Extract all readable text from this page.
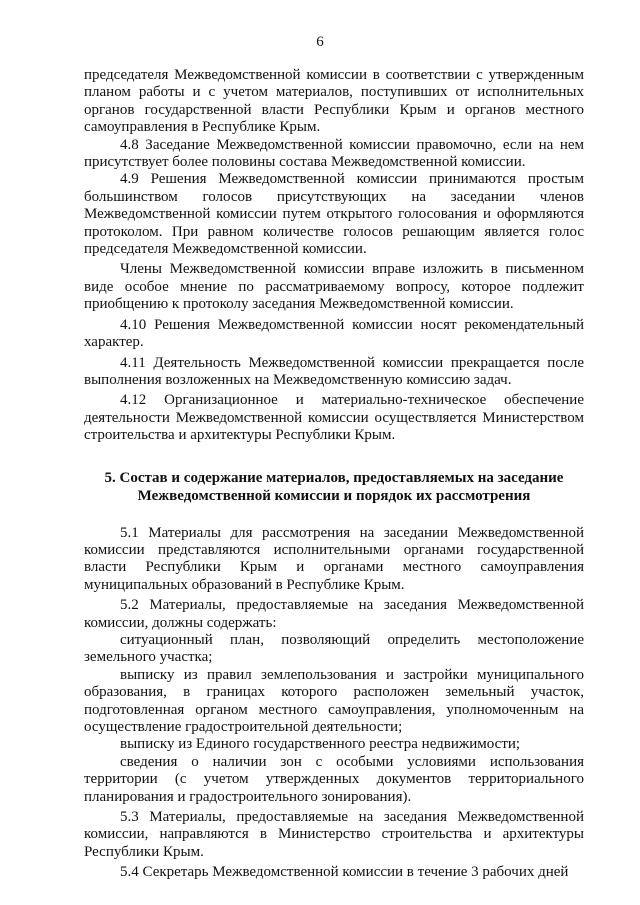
6

председателя Межведомственной комиссии в соответствии с утвержденным планом работы и с учетом материалов, поступивших от исполнительных органов государственной власти Республики Крым и органов местного самоуправления в Республике Крым.

4.8 Заседание Межведомственной комиссии правомочно, если на нем присутствует более половины состава Межведомственной комиссии.

4.9 Решения Межведомственной комиссии принимаются простым большинством голосов присутствующих на заседании членов Межведомственной комиссии путем открытого голосования и оформляются протоколом. При равном количестве голосов решающим является голос председателя Межведомственной комиссии.

Члены Межведомственной комиссии вправе изложить в письменном виде особое мнение по рассматриваемому вопросу, которое подлежит приобщению к протоколу заседания Межведомственной комиссии.

4.10 Решения Межведомственной комиссии носят рекомендательный характер.

4.11 Деятельность Межведомственной комиссии прекращается после выполнения возложенных на Межведомственную комиссию задач.

4.12 Организационное и материально-техническое обеспечение деятельности Межведомственной комиссии осуществляется Министерством строительства и архитектуры Республики Крым.

5. Состав и содержание материалов, предоставляемых на заседание
Межведомственной комиссии и порядок их рассмотрения

5.1 Материалы для рассмотрения на заседании Межведомственной комиссии представляются исполнительными органами государственной власти Республики Крым и органами местного самоуправления муниципальных образований в Республике Крым.

5.2 Материалы, предоставляемые на заседания Межведомственной комиссии, должны содержать:

ситуационный план, позволяющий определить местоположение земельного участка;

выписку из правил землепользования и застройки муниципального образования, в границах которого расположен земельный участок, подготовленная органом местного самоуправления, уполномоченным на осуществление градостроительной деятельности;

выписку из Единого государственного реестра недвижимости;

сведения о наличии зон с особыми условиями использования территории (с учетом утвержденных документов территориального планирования и градостроительного зонирования).

5.3 Материалы, предоставляемые на заседания Межведомственной комиссии, направляются в Министерство строительства и архитектуры Республики Крым.

5.4 Секретарь Межведомственной комиссии в течение 3 рабочих дней
